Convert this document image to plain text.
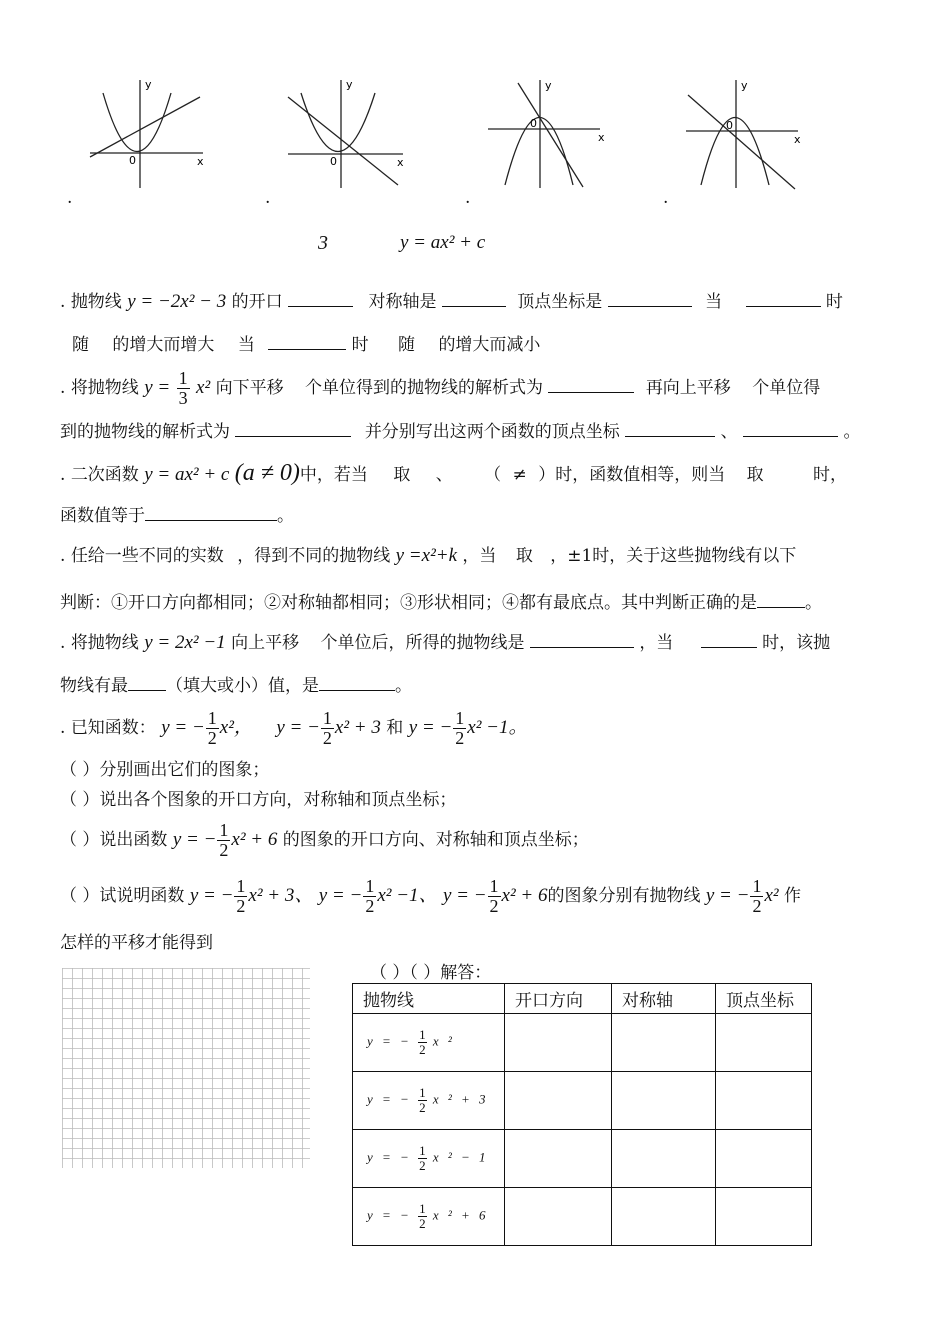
y
x
0
y
x
0
y
x
0
y
x
0
.	.	.	.
3	y = ax² + c
. 抛物线 y = −2x² − 3 的开口	对称轴是	顶点坐标是	当	时
随 的增大而增大 当	时 随 的增大而减小
. 将抛物线 $y = \frac{1}{3} x^2$ 向下平移 个单位得到的抛物线的解析式为	再向上平移 个单位得
到的抛物线的解析式为	并分别写出这两个函数的顶点坐标	、	。
. 二次函数 y = ax² + c (a ≠ 0)中，若当 取 、 （ ≠ ）时，函数值相等，则当 取	时，
函数值等于	。
. 任给一些不同的实数 ，得到不同的抛物线 y =x²+k ，当 取 ，±1时，关于这些抛物线有以下
判断：①开口方向都相同；②对称轴都相同；③形状相同；④都有最底点。其中判断正确的是	。
. 将抛物线 y = 2x² −1 向上平移 个单位后，所得的抛物线是	，当	时，该抛
物线有最 （填大或小）值，是	。
. 已知函数： y = − $\frac{1}{2} x^2$， y = − $\frac{1}{2} x^2 + 3$ 和 y = − $\frac{1}{2} x^2 -1$。
（ ）分别画出它们的图象；
（ ）说出各个图象的开口方向，对称轴和顶点坐标；
（ ）说出函数 y = − $\frac{1}{2} x^2 + 6$ 的图象的开口方向、对称轴和顶点坐标；
（ ）试说明函数 y = − $\frac{1}{2} x^2 + 3$、 y = − $\frac{1}{2} x^2 -1$、 y = − $\frac{1}{2} x^2 + 6$的图象分别有抛物线 y = − $\frac{1}{2} x^2$ 作
怎样的平移才能得到
（ ）（ ）解答：
抛物线	开口方向	对称轴	顶点坐标
y = − $\frac{1}{2}$ x ²			
y = − $\frac{1}{2}$ x ² + 3			
y = − $\frac{1}{2}$ x ² − 1			
y = − $\frac{1}{2}$ x ² + 6			
